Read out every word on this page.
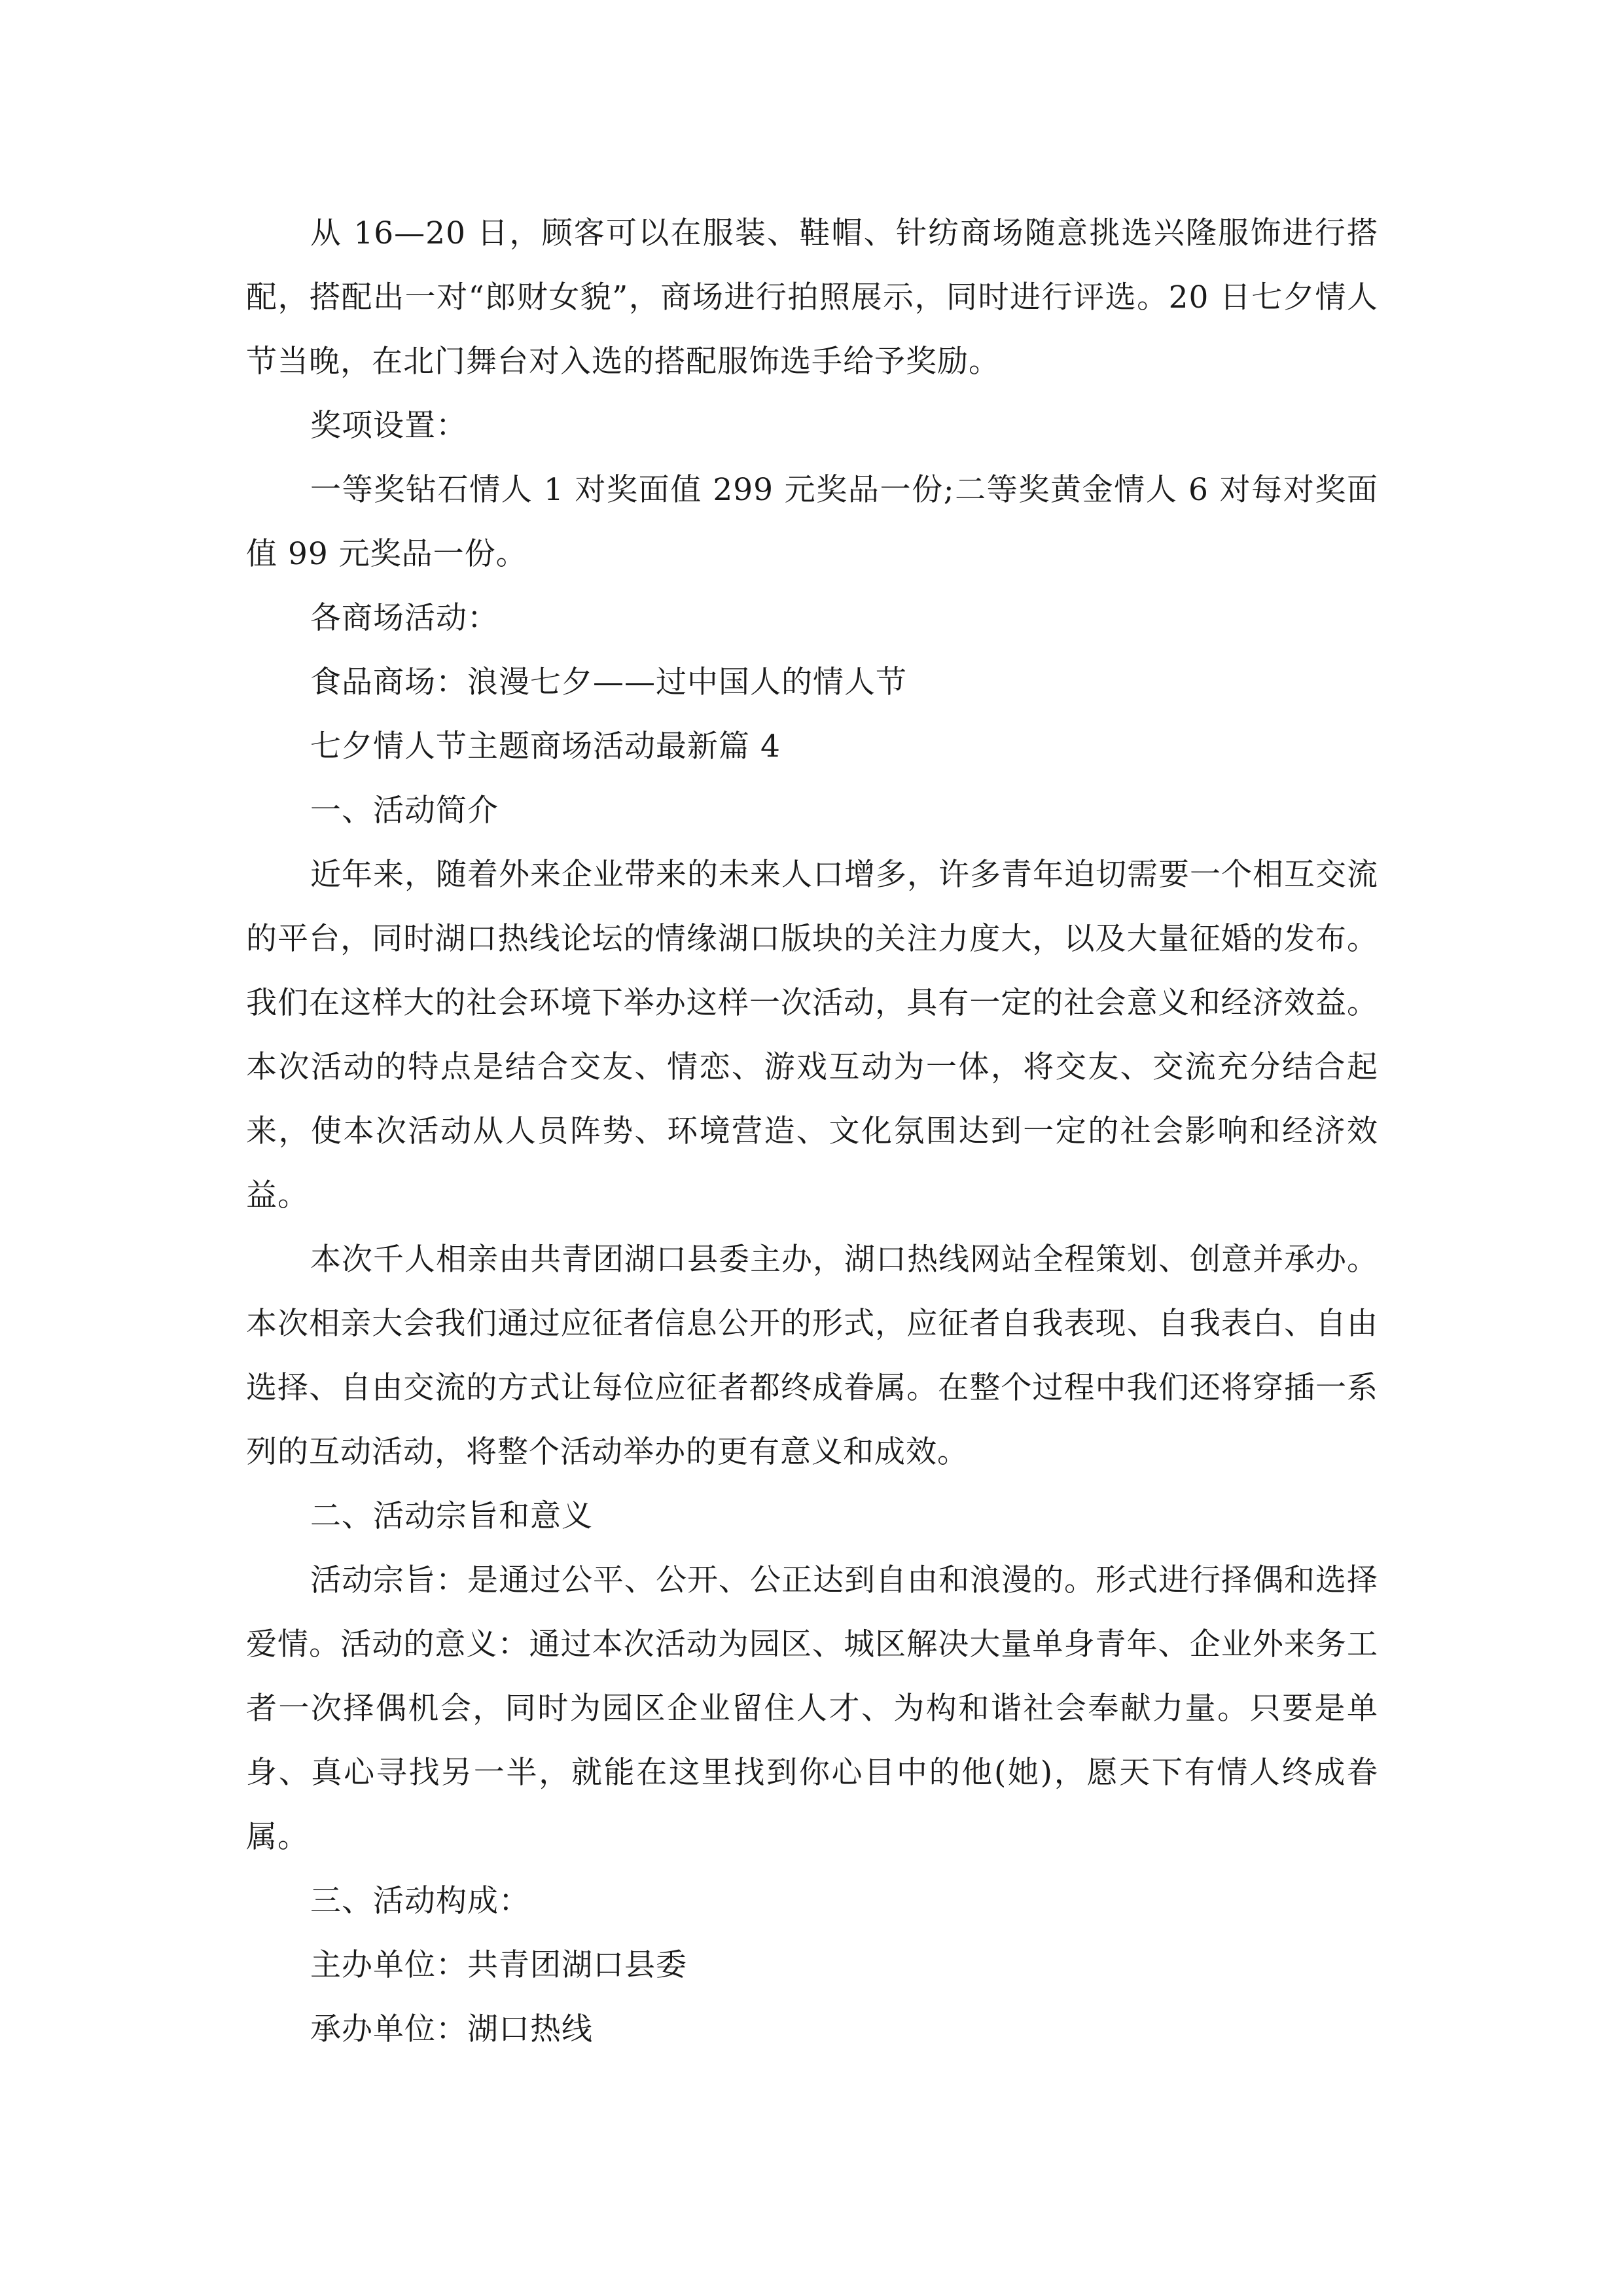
从 16—20 日，顾客可以在服装、鞋帽、针纺商场随意挑选兴隆服饰进行搭配，搭配出一对“郎财女貌”，商场进行拍照展示，同时进行评选。20 日七夕情人节当晚，在北门舞台对入选的搭配服饰选手给予奖励。

奖项设置：

一等奖钻石情人 1 对奖面值 299 元奖品一份;二等奖黄金情人 6 对每对奖面值 99 元奖品一份。

各商场活动：

食品商场：浪漫七夕——过中国人的情人节

七夕情人节主题商场活动最新篇 4

一、活动简介

近年来，随着外来企业带来的未来人口增多，许多青年迫切需要一个相互交流的平台，同时湖口热线论坛的情缘湖口版块的关注力度大，以及大量征婚的发布。我们在这样大的社会环境下举办这样一次活动，具有一定的社会意义和经济效益。本次活动的特点是结合交友、情恋、游戏互动为一体，将交友、交流充分结合起来，使本次活动从人员阵势、环境营造、文化氛围达到一定的社会影响和经济效益。

本次千人相亲由共青团湖口县委主办，湖口热线网站全程策划、创意并承办。本次相亲大会我们通过应征者信息公开的形式，应征者自我表现、自我表白、自由选择、自由交流的方式让每位应征者都终成眷属。在整个过程中我们还将穿插一系列的互动活动，将整个活动举办的更有意义和成效。

二、活动宗旨和意义

活动宗旨：是通过公平、公开、公正达到自由和浪漫的。形式进行择偶和选择爱情。活动的意义：通过本次活动为园区、城区解决大量单身青年、企业外来务工者一次择偶机会，同时为园区企业留住人才、为构和谐社会奉献力量。只要是单身、真心寻找另一半，就能在这里找到你心目中的他(她)，愿天下有情人终成眷属。

三、活动构成：

主办单位：共青团湖口县委

承办单位：湖口热线
